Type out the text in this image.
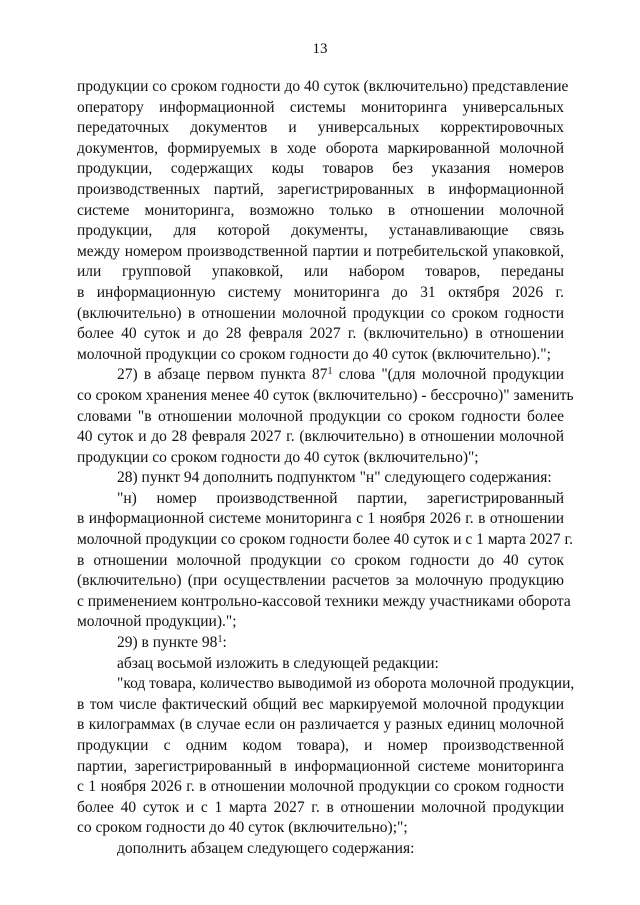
13
продукции со сроком годности до 40 суток (включительно) представление
оператору информационной системы мониторинга универсальных
передаточных документов и универсальных корректировочных
документов, формируемых в ходе оборота маркированной молочной
продукции, содержащих коды товаров без указания номеров
производственных партий, зарегистрированных в информационной
системе мониторинга, возможно только в отношении молочной
продукции, для которой документы, устанавливающие связь
между номером производственной партии и потребительской упаковкой,
или групповой упаковкой, или набором товаров, переданы
в информационную систему мониторинга до 31 октября 2026 г.
(включительно) в отношении молочной продукции со сроком годности
более 40 суток и до 28 февраля 2027 г. (включительно) в отношении
молочной продукции со сроком годности до 40 суток (включительно).";
27) в абзаце первом пункта $87^1$ слова "(для молочной продукции
со сроком хранения менее 40 суток (включительно) - бессрочно)" заменить
словами "в отношении молочной продукции со сроком годности более
40 суток и до 28 февраля 2027 г. (включительно) в отношении молочной
продукции со сроком годности до 40 суток (включительно)";
28) пункт 94 дополнить подпунктом "н" следующего содержания:
"н) номер производственной партии, зарегистрированный
в информационной системе мониторинга с 1 ноября 2026 г. в отношении
молочной продукции со сроком годности более 40 суток и с 1 марта 2027 г.
в отношении молочной продукции со сроком годности до 40 суток
(включительно) (при осуществлении расчетов за молочную продукцию
с применением контрольно-кассовой техники между участниками оборота
молочной продукции).";
29) в пункте $98^1$:
абзац восьмой изложить в следующей редакции:
"код товара, количество выводимой из оборота молочной продукции,
в том числе фактический общий вес маркируемой молочной продукции
в килограммах (в случае если он различается у разных единиц молочной
продукции с одним кодом товара), и номер производственной
партии, зарегистрированный в информационной системе мониторинга
с 1 ноября 2026 г. в отношении молочной продукции со сроком годности
более 40 суток и с 1 марта 2027 г. в отношении молочной продукции
со сроком годности до 40 суток (включительно);";
дополнить абзацем следующего содержания:
